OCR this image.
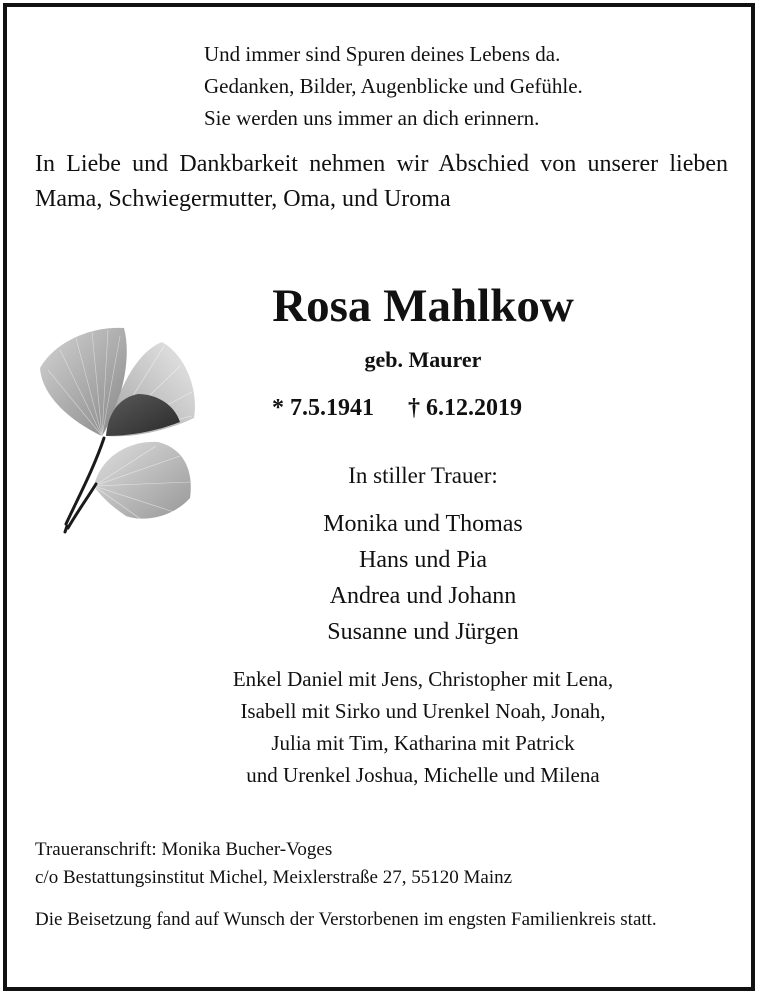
Und immer sind Spuren deines Lebens da.
Gedanken, Bilder, Augenblicke und Gefühle.
Sie werden uns immer an dich erinnern.
In Liebe und Dankbarkeit nehmen wir Abschied von unserer lieben Mama, Schwiegermutter, Oma, und Uroma
Rosa Mahlkow
geb. Maurer
* 7.5.1941 † 6.12.2019
In stiller Trauer:
Monika und Thomas
Hans und Pia
Andrea und Johann
Susanne und Jürgen
Enkel Daniel mit Jens, Christopher mit Lena,
Isabell mit Sirko und Urenkel Noah, Jonah,
Julia mit Tim, Katharina mit Patrick
und Urenkel Joshua, Michelle und Milena
Traueranschrift: Monika Bucher-Voges
c/o Bestattungsinstitut Michel, Meixlerstraße 27, 55120 Mainz
Die Beisetzung fand auf Wunsch der Verstorbenen im engsten Familienkreis statt.
